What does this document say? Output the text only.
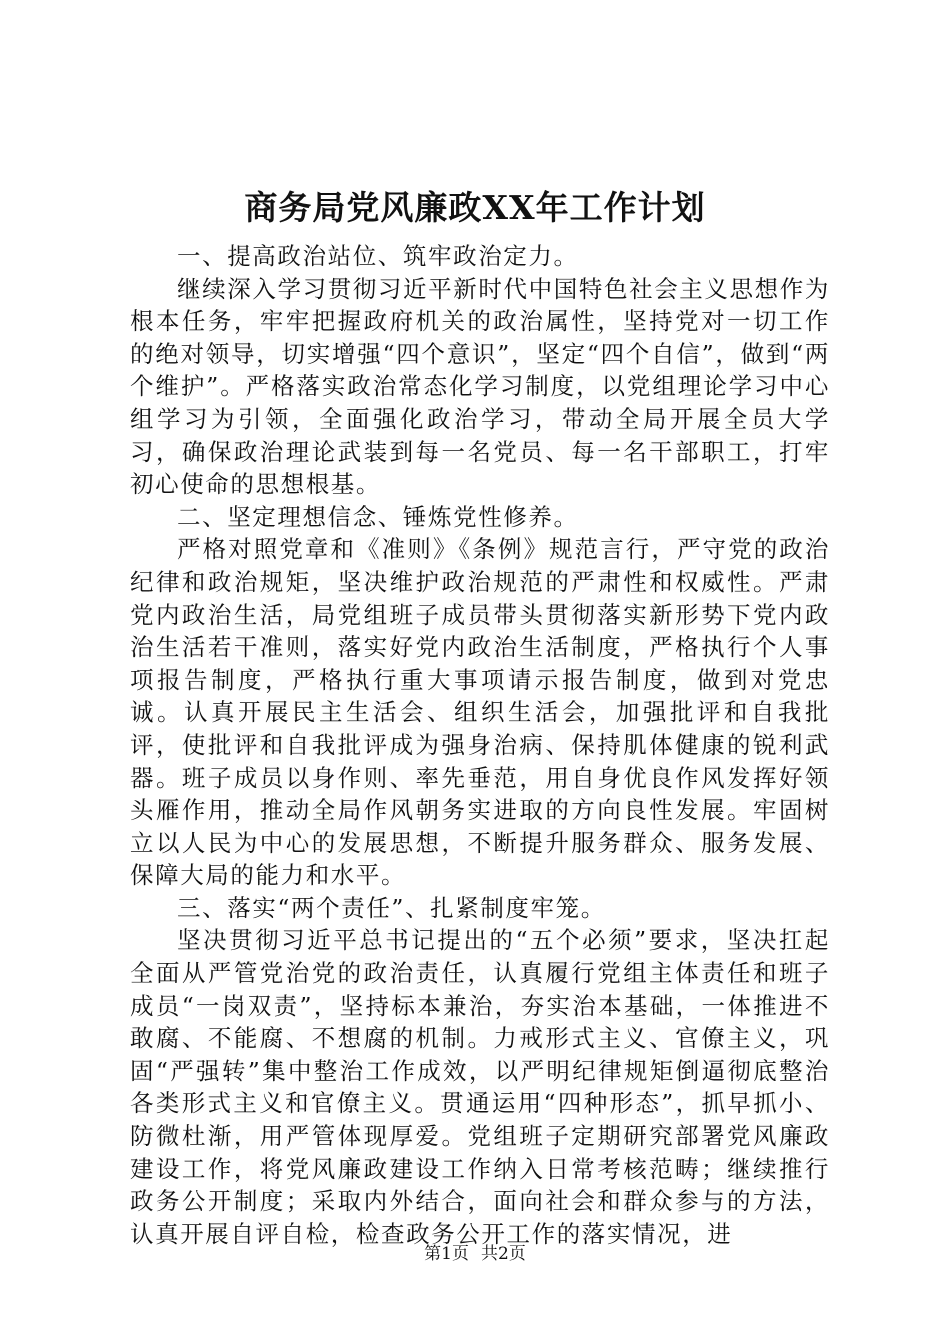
商务局党风廉政XX年工作计划

一、提高政治站位、筑牢政治定力。

继续深入学习贯彻习近平新时代中国特色社会主义思想作为根本任务，牢牢把握政府机关的政治属性，坚持党对一切工作的绝对领导，切实增强“四个意识”，坚定“四个自信”，做到“两个维护”。严格落实政治常态化学习制度，以党组理论学习中心组学习为引领，全面强化政治学习，带动全局开展全员大学习，确保政治理论武装到每一名党员、每一名干部职工，打牢初心使命的思想根基。

二、坚定理想信念、锤炼党性修养。

严格对照党章和《准则》《条例》规范言行，严守党的政治纪律和政治规矩，坚决维护政治规范的严肃性和权威性。严肃党内政治生活，局党组班子成员带头贯彻落实新形势下党内政治生活若干准则，落实好党内政治生活制度，严格执行个人事项报告制度，严格执行重大事项请示报告制度，做到对党忠诚。认真开展民主生活会、组织生活会，加强批评和自我批评，使批评和自我批评成为强身治病、保持肌体健康的锐利武器。班子成员以身作则、率先垂范，用自身优良作风发挥好领头雁作用，推动全局作风朝务实进取的方向良性发展。牢固树立以人民为中心的发展思想，不断提升服务群众、服务发展、保障大局的能力和水平。

三、落实“两个责任”、扎紧制度牢笼。

坚决贯彻习近平总书记提出的“五个必须”要求，坚决扛起全面从严管党治党的政治责任，认真履行党组主体责任和班子成员“一岗双责”，坚持标本兼治，夯实治本基础，一体推进不敢腐、不能腐、不想腐的机制。力戒形式主义、官僚主义，巩固“严强转”集中整治工作成效，以严明纪律规矩倒逼彻底整治各类形式主义和官僚主义。贯通运用“四种形态”，抓早抓小、防微杜渐，用严管体现厚爱。党组班子定期研究部署党风廉政建设工作，将党风廉政建设工作纳入日常考核范畴；继续推行政务公开制度；采取内外结合，面向社会和群众参与的方法，认真开展自评自检，检查政务公开工作的落实情况，进

第1页 共2页
